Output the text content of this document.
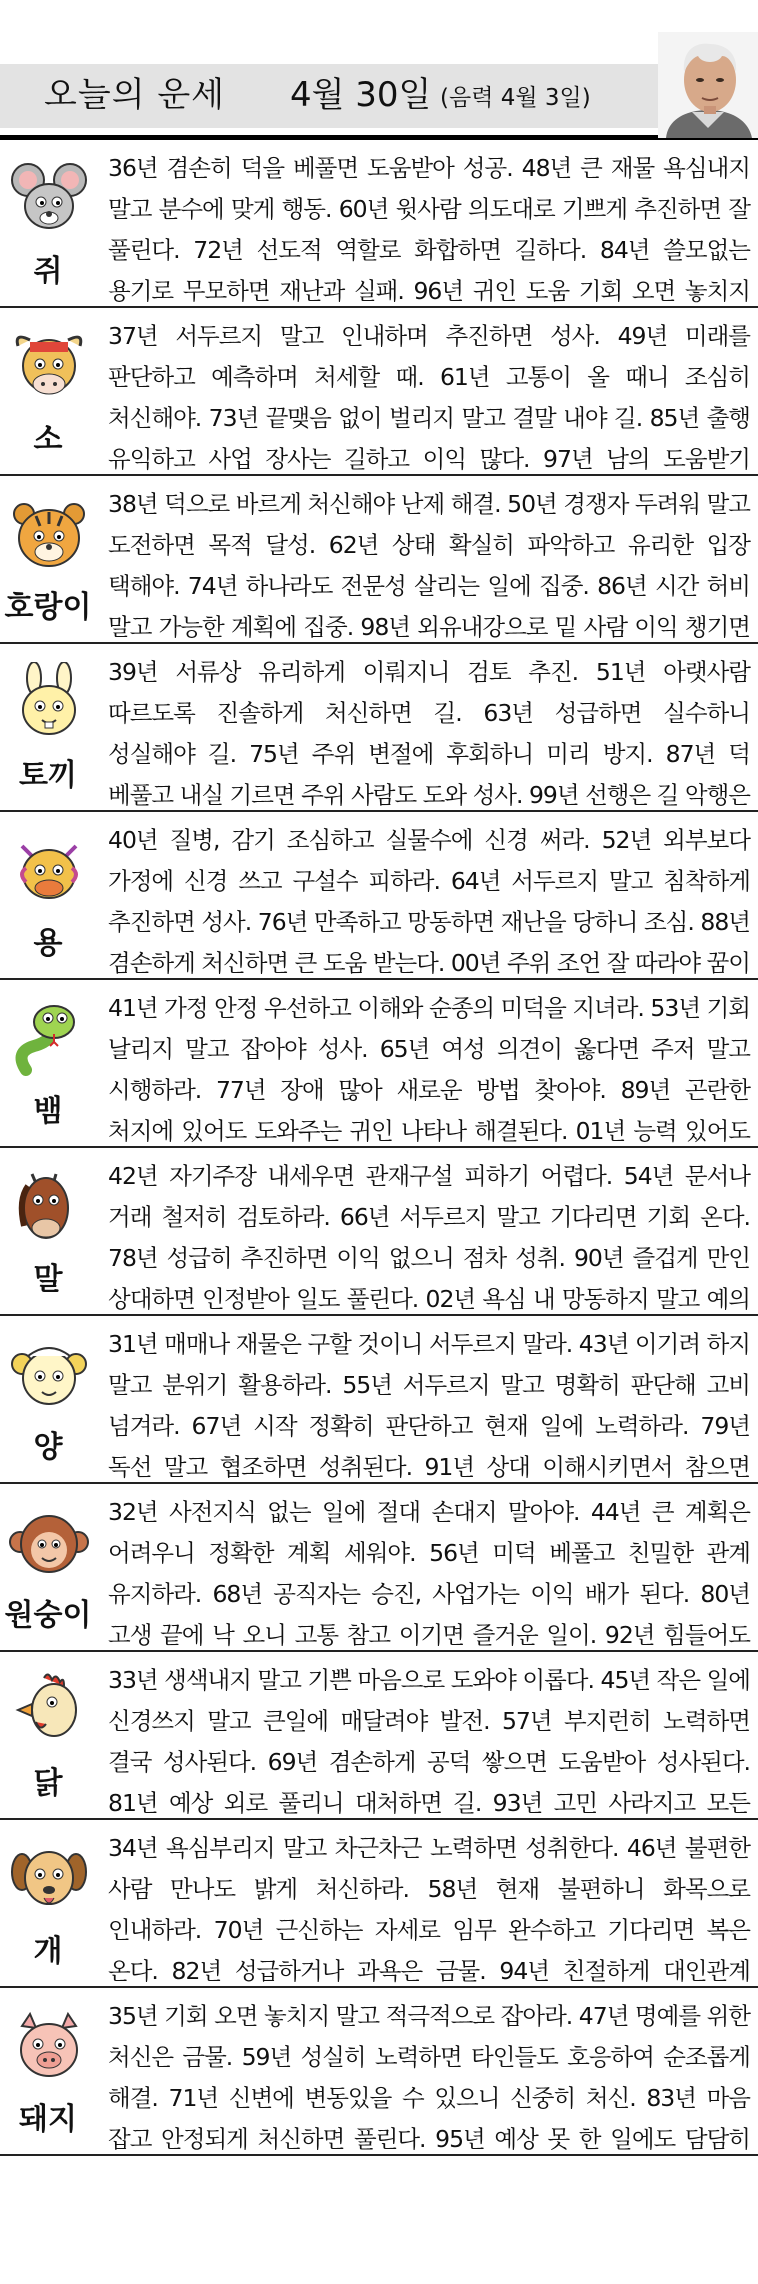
오늘의 운세 4월 30일 (음력 4월 3일)
쥐
36년 겸손히 덕을 베풀면 도움받아 성공. 48년 큰 재물 욕심내지 말고 분수에 맞게 행동. 60년 윗사람 의도대로 기쁘게 추진하면 잘 풀린다. 72년 선도적 역할로 화합하면 길하다. 84년 쓸모없는 용기로 무모하면 재난과 실패. 96년 귀인 도움 기회 오면 놓치지
소
37년 서두르지 말고 인내하며 추진하면 성사. 49년 미래를 판단하고 예측하며 처세할 때. 61년 고통이 올 때니 조심히 처신해야. 73년 끝맺음 없이 벌리지 말고 결말 내야 길. 85년 출행 유익하고 사업 장사는 길하고 이익 많다. 97년 남의 도움받기
호랑이
38년 덕으로 바르게 처신해야 난제 해결. 50년 경쟁자 두려워 말고 도전하면 목적 달성. 62년 상태 확실히 파악하고 유리한 입장 택해야. 74년 하나라도 전문성 살리는 일에 집중. 86년 시간 허비 말고 가능한 계획에 집중. 98년 외유내강으로 밑 사람 이익 챙기면
토끼
39년 서류상 유리하게 이뤄지니 검토 추진. 51년 아랫사람 따르도록 진솔하게 처신하면 길. 63년 성급하면 실수하니 성실해야 길. 75년 주위 변절에 후회하니 미리 방지. 87년 덕 베풀고 내실 기르면 주위 사람도 도와 성사. 99년 선행은 길 악행은
용
40년 질병, 감기 조심하고 실물수에 신경 써라. 52년 외부보다 가정에 신경 쓰고 구설수 피하라. 64년 서두르지 말고 침착하게 추진하면 성사. 76년 만족하고 망동하면 재난을 당하니 조심. 88년 겸손하게 처신하면 큰 도움 받는다. 00년 주위 조언 잘 따라야 꿈이
뱀
41년 가정 안정 우선하고 이해와 순종의 미덕을 지녀라. 53년 기회 날리지 말고 잡아야 성사. 65년 여성 의견이 옳다면 주저 말고 시행하라. 77년 장애 많아 새로운 방법 찾아야. 89년 곤란한 처지에 있어도 도와주는 귀인 나타나 해결된다. 01년 능력 있어도
말
42년 자기주장 내세우면 관재구설 피하기 어렵다. 54년 문서나 거래 철저히 검토하라. 66년 서두르지 말고 기다리면 기회 온다. 78년 성급히 추진하면 이익 없으니 점차 성취. 90년 즐겁게 만인 상대하면 인정받아 일도 풀린다. 02년 욕심 내 망동하지 말고 예의
양
31년 매매나 재물은 구할 것이니 서두르지 말라. 43년 이기려 하지 말고 분위기 활용하라. 55년 서두르지 말고 명확히 판단해 고비 넘겨라. 67년 시작 정확히 판단하고 현재 일에 노력하라. 79년 독선 말고 협조하면 성취된다. 91년 상대 이해시키면서 참으면
원숭이
32년 사전지식 없는 일에 절대 손대지 말아야. 44년 큰 계획은 어려우니 정확한 계획 세워야. 56년 미덕 베풀고 친밀한 관계 유지하라. 68년 공직자는 승진, 사업가는 이익 배가 된다. 80년 고생 끝에 낙 오니 고통 참고 이기면 즐거운 일이. 92년 힘들어도
닭
33년 생색내지 말고 기쁜 마음으로 도와야 이롭다. 45년 작은 일에 신경쓰지 말고 큰일에 매달려야 발전. 57년 부지런히 노력하면 결국 성사된다. 69년 겸손하게 공덕 쌓으면 도움받아 성사된다. 81년 예상 외로 풀리니 대처하면 길. 93년 고민 사라지고 모든
개
34년 욕심부리지 말고 차근차근 노력하면 성취한다. 46년 불편한 사람 만나도 밝게 처신하라. 58년 현재 불편하니 화목으로 인내하라. 70년 근신하는 자세로 임무 완수하고 기다리면 복은 온다. 82년 성급하거나 과욕은 금물. 94년 친절하게 대인관계
돼지
35년 기회 오면 놓치지 말고 적극적으로 잡아라. 47년 명예를 위한 처신은 금물. 59년 성실히 노력하면 타인들도 호응하여 순조롭게 해결. 71년 신변에 변동있을 수 있으니 신중히 처신. 83년 마음 잡고 안정되게 처신하면 풀린다. 95년 예상 못 한 일에도 담담히
